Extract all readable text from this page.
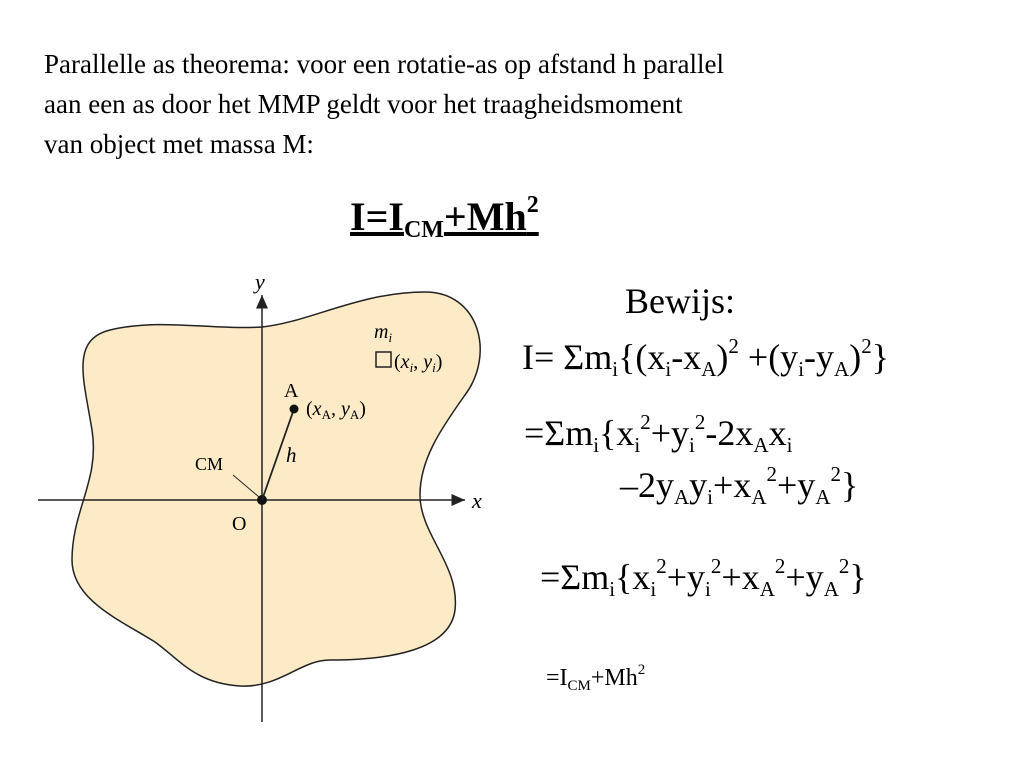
Parallelle as theorema: voor een rotatie-as op afstand h parallel
aan een as door het MMP geldt voor het traagheidsmoment
van object met massa M:
$I=I_{CM}+Mh^2$
x
y
O
A
($x_A$, $y_A$)
h
CM
$m_i$
($x_i$, $y_i$)
Bewijs:
$I= \Sigma m_i\{(x_i-x_A)^2 +(y_i-y_A)^2\}$
$=\Sigma m_i\{x_i^2+y_i^2-2x_Ax_i$
$-2y_Ay_i+x_A^2+y_A^2$}
$=\Sigma m_i\{x_i^2+y_i^2+x_A^2+y_A^2\}$
$=I_{CM}+Mh^2$
